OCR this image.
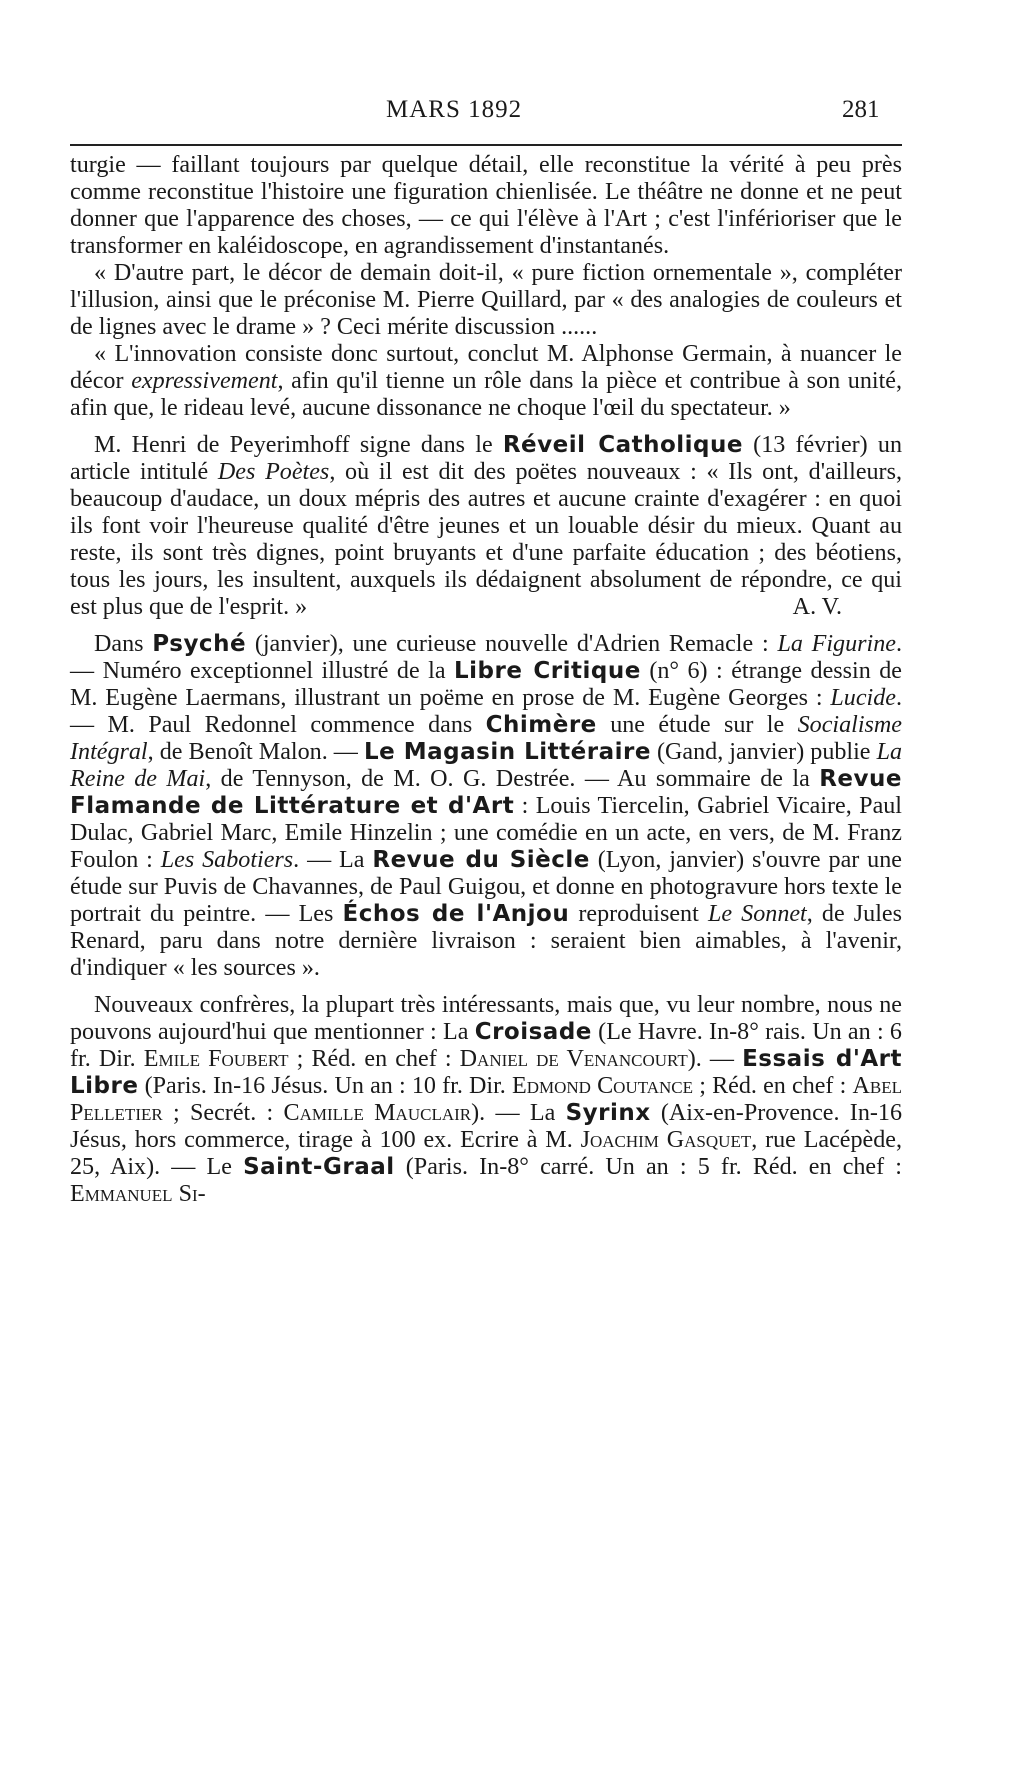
MARS 1892	281

turgie — faillant toujours par quelque détail, elle reconstitue la vérité à peu près comme reconstitue l'histoire une figuration chienlisée. Le théâtre ne donne et ne peut donner que l'apparence des choses, — ce qui l'élève à l'Art ; c'est l'inférioriser que le transformer en kaléidoscope, en agrandissement d'instantanés.

« D'autre part, le décor de demain doit-il, « pure fiction ornementale », compléter l'illusion, ainsi que le préconise M. Pierre Quillard, par « des analogies de couleurs et de lignes avec le drame » ? Ceci mérite discussion ......

« L'innovation consiste donc surtout, conclut M. Alphonse Germain, à nuancer le décor expressivement, afin qu'il tienne un rôle dans la pièce et contribue à son unité, afin que, le rideau levé, aucune dissonance ne choque l'œil du spectateur. »

M. Henri de Peyerimhoff signe dans le Réveil Catholique (13 février) un article intitulé Des Poètes, où il est dit des poëtes nouveaux : « Ils ont, d'ailleurs, beaucoup d'audace, un doux mépris des autres et aucune crainte d'exagérer : en quoi ils font voir l'heureuse qualité d'être jeunes et un louable désir du mieux. Quant au reste, ils sont très dignes, point bruyants et d'une parfaite éducation ; des béotiens, tous les jours, les insultent, auxquels ils dédaignent absolument de répondre, ce qui est plus que de l'esprit. »	A. V.

Dans Psyché (janvier), une curieuse nouvelle d'Adrien Remacle : La Figurine. — Numéro exceptionnel illustré de la Libre Critique (n° 6) : étrange dessin de M. Eugène Laermans, illustrant un poëme en prose de M. Eugène Georges : Lucide. — M. Paul Redonnel commence dans Chimère une étude sur le Socialisme Intégral, de Benoît Malon. — Le Magasin Littéraire (Gand, janvier) publie La Reine de Mai, de Tennyson, de M. O. G. Destrée. — Au sommaire de la Revue Flamande de Littérature et d'Art : Louis Tiercelin, Gabriel Vicaire, Paul Dulac, Gabriel Marc, Emile Hinzelin ; une comédie en un acte, en vers, de M. Franz Foulon : Les Sabotiers. — La Revue du Siècle (Lyon, janvier) s'ouvre par une étude sur Puvis de Chavannes, de Paul Guigou, et donne en photogravure hors texte le portrait du peintre. — Les Échos de l'Anjou reproduisent Le Sonnet, de Jules Renard, paru dans notre dernière livraison : seraient bien aimables, à l'avenir, d'indiquer « les sources ».

Nouveaux confrères, la plupart très intéressants, mais que, vu leur nombre, nous ne pouvons aujourd'hui que mentionner : La Croisade (Le Havre. In-8° rais. Un an : 6 fr. Dir. Emile Foubert ; Réd. en chef : Daniel de Venancourt). — Essais d'Art Libre (Paris. In-16 Jésus. Un an : 10 fr. Dir. Edmond Coutance ; Réd. en chef : Abel Pelletier ; Secrét. : Camille Mauclair). — La Syrinx (Aix-en-Provence. In-16 Jésus, hors commerce, tirage à 100 ex. Ecrire à M. Joachim Gasquet, rue Lacépède, 25, Aix). — Le Saint-Graal (Paris. In-8° carré. Un an : 5 fr. Réd. en chef : Emmanuel Si-
